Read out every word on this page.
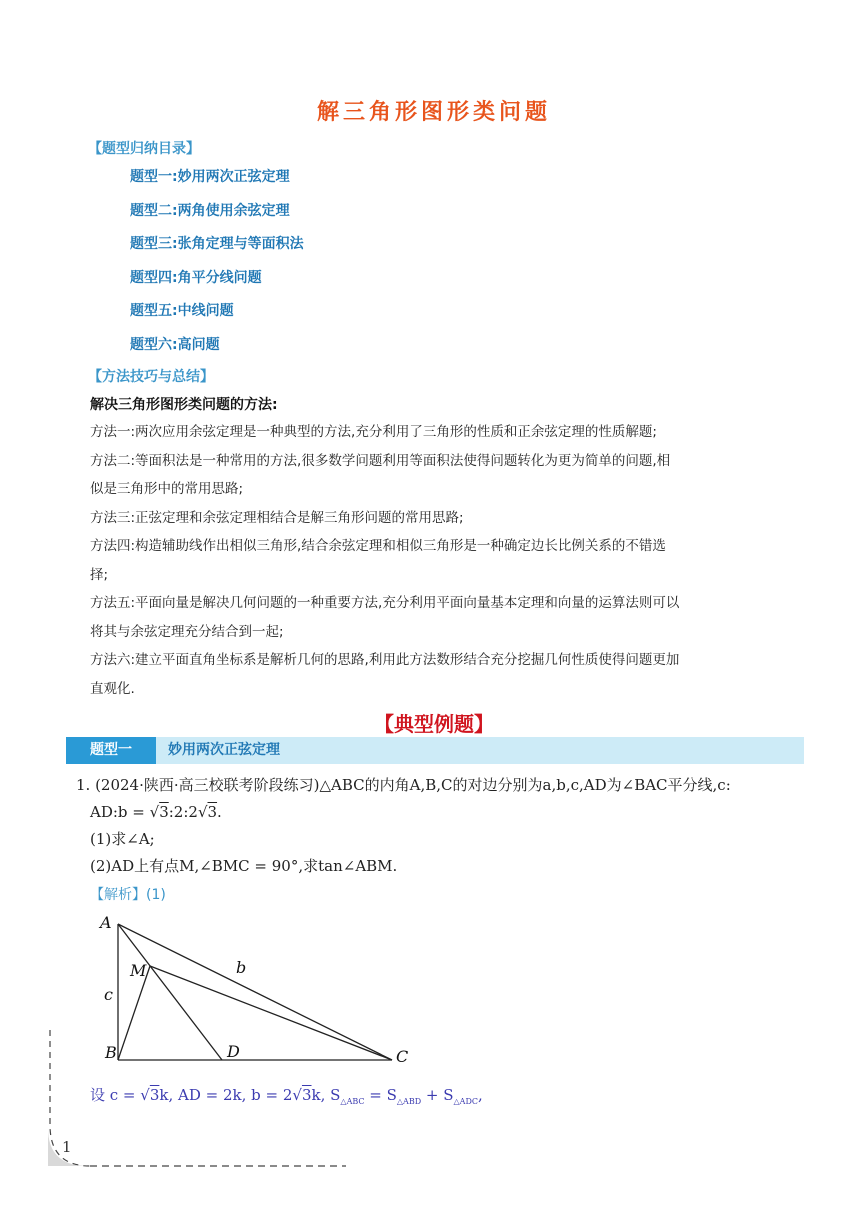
解三角形图形类问题
【题型归纳目录】
题型一:妙用两次正弦定理
题型二:两角使用余弦定理
题型三:张角定理与等面积法
题型四:角平分线问题
题型五:中线问题
题型六:高问题
【方法技巧与总结】
解决三角形图形类问题的方法:

方法一:两次应用余弦定理是一种典型的方法,充分利用了三角形的性质和正余弦定理的性质解题;

方法二:等面积法是一种常用的方法,很多数学问题利用等面积法使得问题转化为更为简单的问题,相

似是三角形中的常用思路;

方法三:正弦定理和余弦定理相结合是解三角形问题的常用思路;

方法四:构造辅助线作出相似三角形,结合余弦定理和相似三角形是一种确定边长比例关系的不错选

择;

方法五:平面向量是解决几何问题的一种重要方法,充分利用平面向量基本定理和向量的运算法则可以

将其与余弦定理充分结合到一起;

方法六:建立平面直角坐标系是解析几何的思路,利用此方法数形结合充分挖掘几何性质使得问题更加

直观化.

【典型例题】
题型一	妙用两次正弦定理
1. (2024·陕西·高三校联考阶段练习)△ABC的内角A,B,C的对边分别为a,b,c,AD为∠BAC平分线,c:
AD:b = √3:2:2√3.
(1)求∠A;
(2)AD上有点M,∠BMC = 90°,求tan∠ABM.
【解析】(1)
A
M	b
c
B	D	C
设 c = √3k, AD = 2k, b = 2√3k, $S_{\triangle ABC} = S_{\triangle ABD} + S_{\triangle ADC}$,
1
